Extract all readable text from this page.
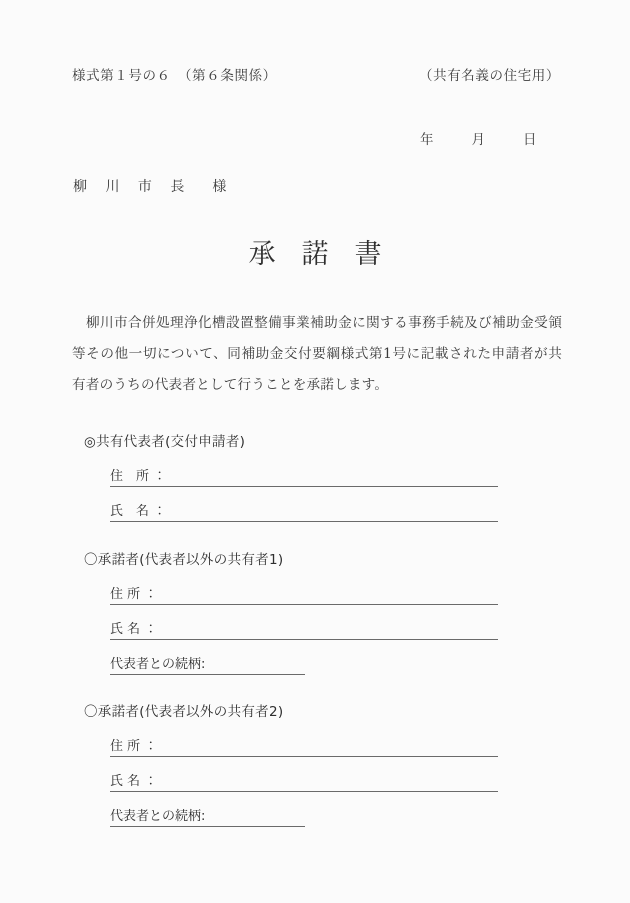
様式第１号の６　（第６条関係）	（共有名義の住宅用）
年	月	日
柳 川 市 長　様
承諾書
柳川市合併処理浄化槽設置整備事業補助金に関する事務手続及び補助金受領等その他一切について、同補助金交付要綱様式第1号に記載された申請者が共有者のうちの代表者として行うことを承諾します。
◎共有代表者(交付申請者)
住　所 ：
氏　名 ：
〇承諾者(代表者以外の共有者1)
住 所 ：
氏 名 ：
代表者との続柄:
〇承諾者(代表者以外の共有者2)
住 所 ：
氏 名 ：
代表者との続柄:
